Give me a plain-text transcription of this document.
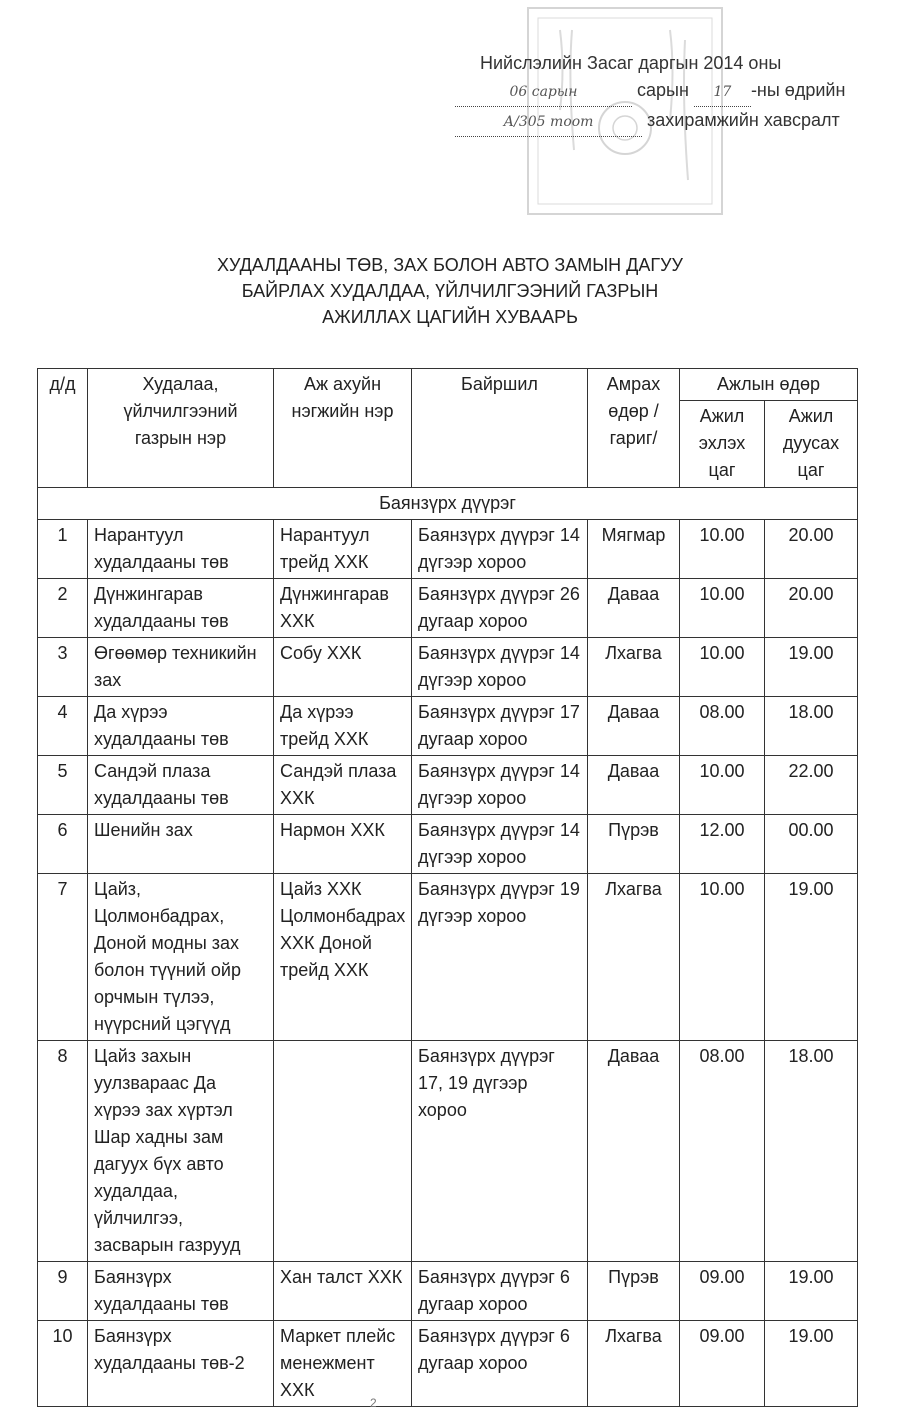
Нийслэлийн Засаг даргын 2014 оны
06 сарын	сарын 17 -ны өдрийн
А/305 тоот	захирамжийн хавсралт
ХУДАЛДААНЫ ТӨВ, ЗАХ БОЛОН АВТО ЗАМЫН ДАГУУ
БАЙРЛАХ ХУДАЛДАА, ҮЙЛЧИЛГЭЭНИЙ ГАЗРЫН
АЖИЛЛАХ ЦАГИЙН ХУВААРЬ
д/д	Худалаа, үйлчилгээний газрын нэр	Аж ахуйн нэгжийн нэр	Байршил	Амрах өдөр /гариг/	Ажлын өдөр	
					Ажил эхлэх цаг	Ажил дуусах цаг
Баянзүрх дүүрэг						
1	Нарантуул худалдааны төв	Нарантуул трейд ХХК	Баянзүрх дүүрэг 14 дүгээр хороо	Мягмар	10.00	20.00
2	Дүнжингарав худалдааны төв	Дүнжингарав ХХК	Баянзүрх дүүрэг 26 дугаар хороо	Даваа	10.00	20.00
3	Өгөөмөр техникийн зах	Собу ХХК	Баянзүрх дүүрэг 14 дүгээр хороо	Лхагва	10.00	19.00
4	Да хүрээ худалдааны төв	Да хүрээ трейд ХХК	Баянзүрх дүүрэг 17 дугаар хороо	Даваа	08.00	18.00
5	Сандэй плаза худалдааны төв	Сандэй плаза ХХК	Баянзүрх дүүрэг 14 дүгээр хороо	Даваа	10.00	22.00
6	Шенийн зах	Нармон ХХК	Баянзүрх дүүрэг 14 дүгээр хороо	Пүрэв	12.00	00.00
7	Цайз, Цолмонбадрах, Доной модны зах болон түүний ойр орчмын түлээ, нүүрсний цэгүүд	Цайз ХХК Цолмонбадрах ХХК Доной трейд ХХК	Баянзүрх дүүрэг 19 дүгээр хороо	Лхагва	10.00	19.00
8	Цайз захын уулзвараас Да хүрээ зах хүртэл Шар хадны зам дагуух бүх авто худалдаа, үйлчилгээ, засварын газрууд		Баянзүрх дүүрэг 17, 19 дүгээр хороо	Даваа	08.00	18.00
9	Баянзүрх худалдааны төв	Хан талст ХХК	Баянзүрх дүүрэг 6 дугаар хороо	Пүрэв	09.00	19.00
10	Баянзүрх худалдааны төв-2	Маркет плейс менежмент ХХК	Баянзүрх дүүрэг 6 дугаар хороо	Лхагва	09.00	19.00
2
